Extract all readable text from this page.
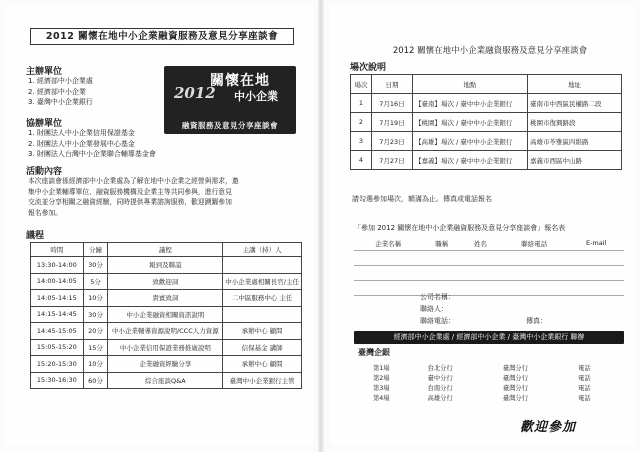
2012 關懷在地中小企業融資服務及意見分享座談會
主辦單位
1. 經濟部中小企業處
2. 經濟部中小企業
3. 臺灣中小企業銀行	2012
關懷在地
中小企業
融資服務及意見分享座談會
協辦單位
1. 財團法人中小企業信用保證基金
2. 財團法人中小企業發展中心基金
3. 財團法人台灣中小企業聯合輔導基金會
活動內容
本次座談會係經濟部中小企業處為了解在地中小企業之經營與需求，邀
集中小企業輔導單位、融資服務機構及企業主等共同參與，進行意見
交流並分享相關之融資經驗，同時提供專業諮詢服務，歡迎踴躍參加
報名參加。
議程
時間	分鐘	議程	主講（持）人
13:30-14:00	30分	報到及聯誼	
14:00-14:05	5分	致歡迎詞	中小企業處相關長官/主任
14:05-14:15	10分	貴賓致詞	二中區服務中心 主任
14:15-14:45	30分	中小企業融資相關資訊說明	
14:45-15:05	20分	中小企業輔導資源說明/CCC人力資源	承辦中心 顧問
15:05-15:20	15分	中小企業信用保證業務推廣說明	信保基金 講師
15:20-15:30	10分	企業融資經驗分享	承辦中心 顧問
15:30-16:30	60分	綜合座談Q&A	臺灣中小企業銀行主管
2012 關懷在地中小企業融資服務及意見分享座談會
場次說明
場次	日期	地點	地址
1	7月16日	【臺南】場次 / 臺中中小企業銀行	臺南市中西區民權路二段
2	7月19日	【桃園】場次 / 臺中中小企業銀行	桃園市復興路段
3	7月23日	【高雄】場次 / 臺中中小企業銀行	高雄市苓雅區四維路
4	7月27日	【嘉義】場次 / 臺中中小企業銀行	嘉義市西區中山路
請勾選參加場次，額滿為止。傳真或電話報名
「參加 2012 關懷在地中小企業融資服務及意見分享座談會」報名表
企業名稱	職稱	姓名	聯絡電話	E-mail

公司名稱：
聯絡人：
聯絡電話：	傳真：
經濟部中小企業處 / 經濟部中小企業 / 臺灣中小企業銀行 聯辦
臺灣企銀
第1場	台北分行	臺灣分行	電話
第2場	臺中分行	臺灣分行	電話
第3場	台南分行	臺灣分行	電話
第4場	高雄分行	臺灣分行	電話
歡迎參加
